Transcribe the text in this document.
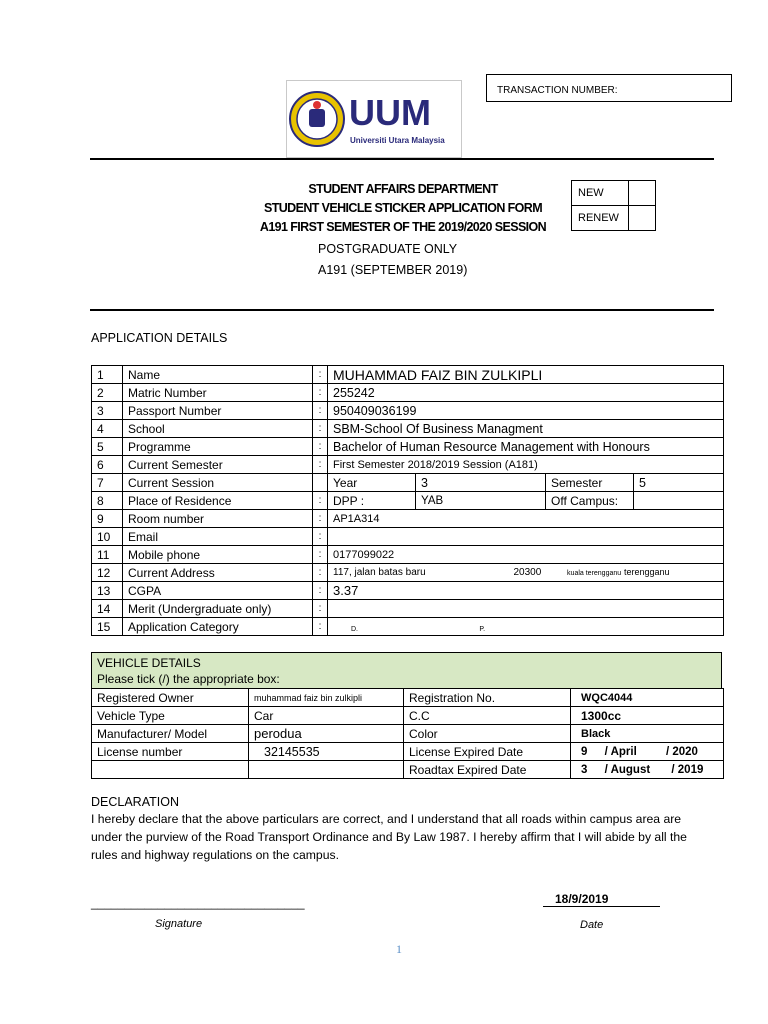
TRANSACTION NUMBER:
UUM
Universiti Utara Malaysia
STUDENT AFFAIRS DEPARTMENT
STUDENT VEHICLE STICKER APPLICATION FORM
A191 FIRST SEMESTER OF THE 2019/2020 SESSION
POSTGRADUATE ONLY
A191 (SEPTEMBER 2019)
NEW	
RENEW	
APPLICATION DETAILS
1	Name	:	MUHAMMAD FAIZ BIN ZULKIPLI			
2	Matric Number	:	255242			
3	Passport Number	:	950409036199			
4	School	:	SBM-School Of Business Managment			
5	Programme	:	Bachelor of Human Resource Management with Honours			
6	Current Semester	:	First Semester 2018/2019 Session (A181)			
7	Current Session		Year	3	Semester	5
8	Place of Residence	:	DPP :	YAB	Off Campus:	
9	Room number	:	AP1A314			
10	Email	:				
11	Mobile phone	:	0177099022			
12	Current Address	:	117, jalan batas baru 20300 kuala terengganu terengganu			
13	CGPA	:	3.37			
14	Merit (Undergraduate only)	:				
15	Application Category	:	D. P.			
VEHICLE DETAILS
Please tick (/) the appropriate box:
Registered Owner	muhammad faiz bin zulkipli	Registration No.	WQC4044
Vehicle Type	Car	C.C	1300cc
Manufacturer/ Model	perodua	Color	Black
License number	32145535	License Expired Date	9 / April / 2020
		Roadtax Expired Date	3 / August / 2019
DECLARATION
I hereby declare that the above particulars are correct, and I understand that all roads within campus area are
under the purview of the Road Transport Ordinance and By Law 1987. I hereby affirm that I will abide by all the
rules and highway regulations on the campus.
________________________________
Signature
18/9/2019
Date
1
